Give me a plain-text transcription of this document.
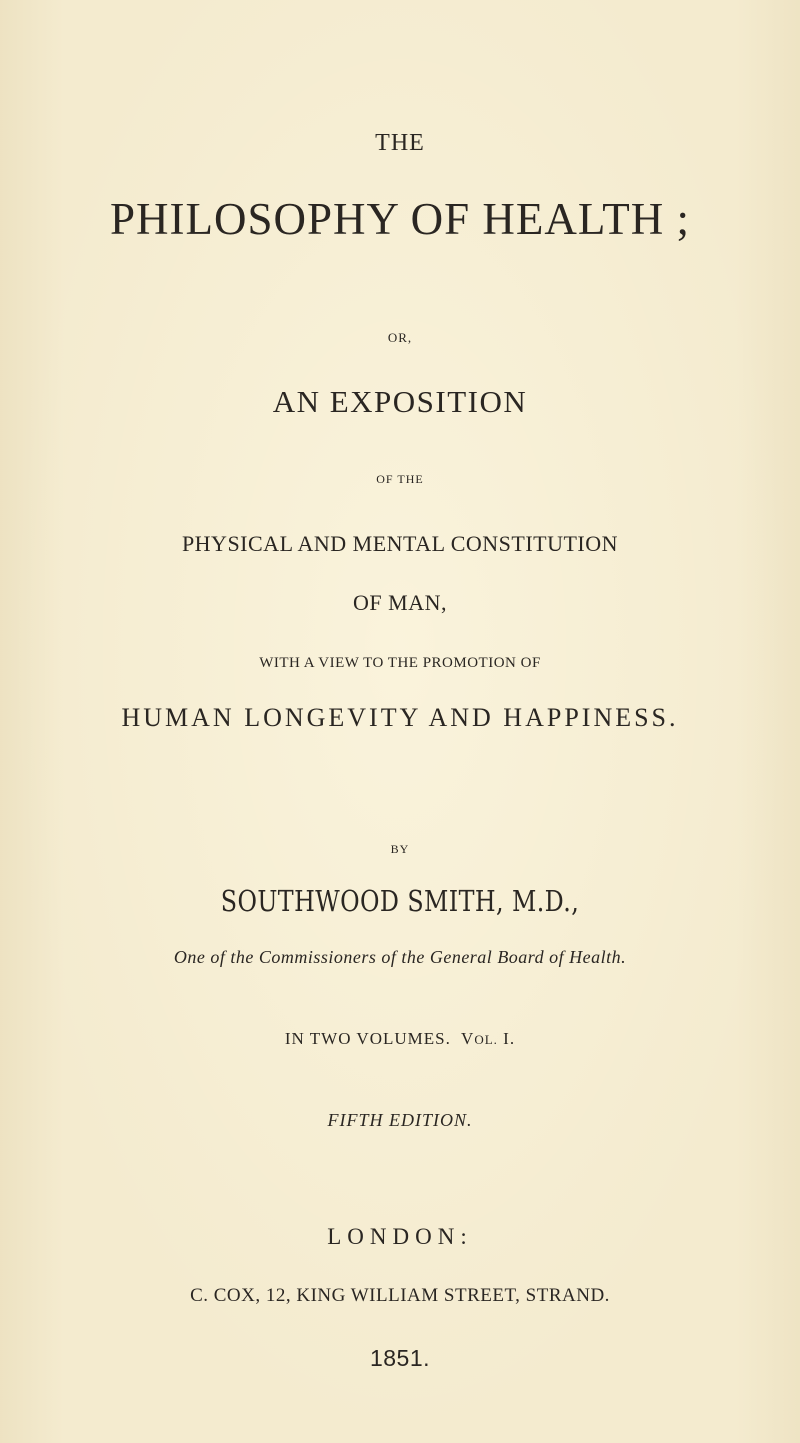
THE
PHILOSOPHY OF HEALTH ;
OR,
AN EXPOSITION
OF THE
PHYSICAL AND MENTAL CONSTITUTION
OF MAN,
WITH A VIEW TO THE PROMOTION OF
HUMAN LONGEVITY AND HAPPINESS.
BY
SOUTHWOOD SMITH, M.D.,
One of the Commissioners of the General Board of Health.
IN TWO VOLUMES. VOL. I.
FIFTH EDITION.
LONDON:
C. COX, 12, KING WILLIAM STREET, STRAND.
1851.
